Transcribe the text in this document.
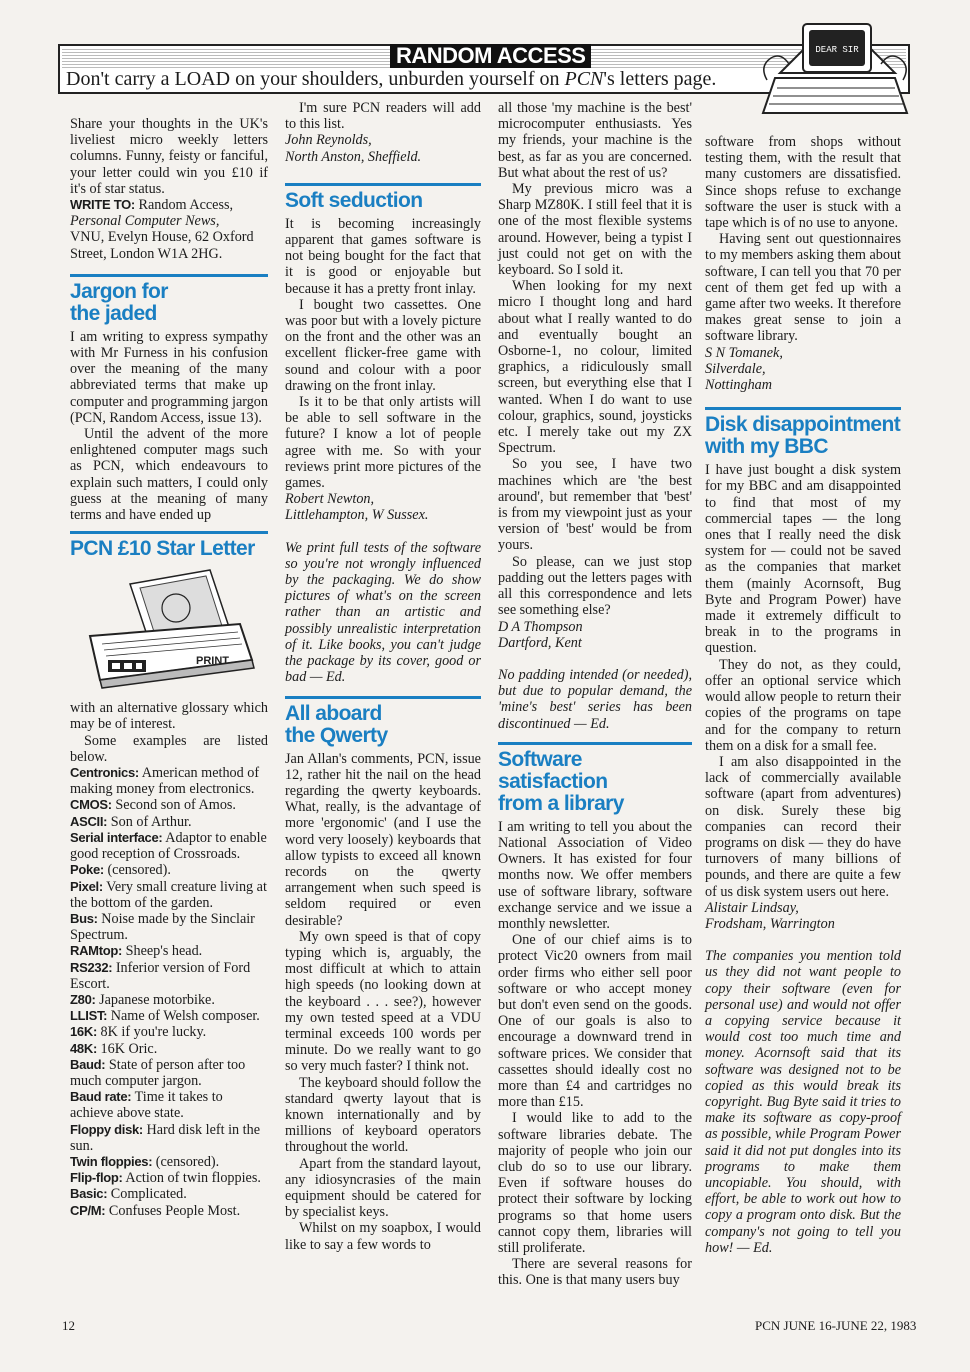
RANDOM ACCESS
Don't carry a LOAD on your shoulders, unburden yourself on PCN's letters page.
DEAR SIR

Share your thoughts in the UK's liveliest micro weekly letters columns. Funny, feisty or fanciful, your letter could win you £10 if it's of star status.

WRITE TO: Random Access,
Personal Computer News,
VNU, Evelyn House, 62 Oxford Street, London W1A 2HG.

Jargon for
the jaded

I am writing to express sympathy with Mr Furness in his confusion over the meaning of the many abbreviated terms that make up computer and programming jargon (PCN, Random Access, issue 13).

Until the advent of the more enlightened computer mags such as PCN, which endeavours to explain such matters, I could only guess at the meaning of many terms and have ended up

PCN £10 Star Letter
PRINT

with an alternative glossary which may be of interest.

Some examples are listed below.

Centronics: American method of making money from electronics.

CMOS: Second son of Amos.

ASCII: Son of Arthur.

Serial interface: Adaptor to enable good reception of Crossroads.

Poke: (censored).

Pixel: Very small creature living at the bottom of the garden.

Bus: Noise made by the Sinclair Spectrum.

RAMtop: Sheep's head.

RS232: Inferior version of Ford Escort.

Z80: Japanese motorbike.

LLIST: Name of Welsh composer.

16K: 8K if you're lucky.

48K: 16K Oric.

Baud: State of person after too much computer jargon.

Baud rate: Time it takes to achieve above state.

Floppy disk: Hard disk left in the sun.

Twin floppies: (censored).

Flip-flop: Action of twin floppies.

Basic: Complicated.

CP/M: Confuses People Most.

I'm sure PCN readers will add to this list.

John Reynolds,

North Anston, Sheffield.

Soft seduction

It is becoming increasingly apparent that games software is not being bought for the fact that it is good or enjoyable but because it has a pretty front inlay.

I bought two cassettes. One was poor but with a lovely picture on the front and the other was an excellent flicker-free game with sound and colour with a poor drawing on the front inlay.

Is it to be that only artists will be able to sell software in the future? I know a lot of people agree with me. So with your reviews print more pictures of the games.

Robert Newton,

Littlehampton, W Sussex.

We print full tests of the software so you're not wrongly influenced by the packaging. We do show pictures of what's on the screen rather than an artistic and possibly unrealistic interpretation of it. Like books, you can't judge the package by its cover, good or bad — Ed.

All aboard
the Qwerty

Jan Allan's comments, PCN, issue 12, rather hit the nail on the head regarding the qwerty keyboards. What, really, is the advantage of more 'ergonomic' (and I use the word very loosely) keyboards that allow typists to exceed all known records on the qwerty arrangement when such speed is seldom required or even desirable?

My own speed is that of copy typing which is, arguably, the most difficult at which to attain high speeds (no looking down at the keyboard . . . see?), however my own tested speed at a VDU terminal exceeds 100 words per minute. Do we really want to go so very much faster? I think not.

The keyboard should follow the standard qwerty layout that is known internationally and by millions of keyboard operators throughout the world.

Apart from the standard layout, any idiosyncrasies of the main equipment should be catered for by specialist keys.

Whilst on my soapbox, I would like to say a few words to

all those 'my machine is the best' microcomputer enthusiasts. Yes my friends, your machine is the best, as far as you are concerned. But what about the rest of us?

My previous micro was a Sharp MZ80K. I still feel that it is one of the most flexible systems around. However, being a typist I just could not get on with the keyboard. So I sold it.

When looking for my next micro I thought long and hard about what I really wanted to do and eventually bought an Osborne-1, no colour, limited graphics, a ridiculously small screen, but everything else that I wanted. When I do want to use colour, graphics, sound, joysticks etc. I merely take out my ZX Spectrum.

So you see, I have two machines which are 'the best around', but remember that 'best' is from my viewpoint just as your version of 'best' would be from yours.

So please, can we just stop padding out the letters pages with all this correspondence and lets see something else?

D A Thompson

Dartford, Kent

No padding intended (or needed), but due to popular demand, the 'mine's best' series has been discontinued — Ed.

Software satisfaction
from a library

I am writing to tell you about the National Association of Video Owners. It has existed for four months now. We offer members use of software library, software exchange service and we issue a monthly newsletter.

One of our chief aims is to protect Vic20 owners from mail order firms who either sell poor software or who accept money but don't even send on the goods. One of our goals is also to encourage a downward trend in software prices. We consider that cassettes should ideally cost no more than £4 and cartridges no more than £15.

I would like to add to the software libraries debate. The majority of people who join our club do so to use our library. Even if software houses do protect their software by locking programs so that home users cannot copy them, libraries will still proliferate.

There are several reasons for this. One is that many users buy

software from shops without testing them, with the result that many customers are dissatisfied. Since shops refuse to exchange software the user is stuck with a tape which is of no use to anyone.

Having sent out questionnaires to my members asking them about software, I can tell you that 70 per cent of them get fed up with a game after two weeks. It therefore makes great sense to join a software library.

S N Tomanek,

Silverdale,

Nottingham

Disk disappointment
with my BBC

I have just bought a disk system for my BBC and am disappointed to find that most of my commercial tapes — the long ones that I really need the disk system for — could not be saved as the companies that market them (mainly Acornsoft, Bug Byte and Program Power) have made it extremely difficult to break in to the programs in question.

They do not, as they could, offer an optional service which would allow people to return their copies of the programs on tape and for the company to return them on a disk for a small fee.

I am also disappointed in the lack of commercially available software (apart from adventures) on disk. Surely these big companies can record their programs on disk — they do have turnovers of many billions of pounds, and there are quite a few of us disk system users out here.

Alistair Lindsay,

Frodsham, Warrington

The companies you mention told us they did not want people to copy their software (even for personal use) and would not offer a copying service because it would cost too much time and money. Acornsoft said that its software was designed not to be copied as this would break its copyright. Bug Byte said it tries to make its software as copy-proof as possible, while Program Power said it did not put dongles into its programs to make them uncopiable. You should, with effort, be able to work out how to copy a program onto disk. But the company's not going to tell you how! — Ed.

12	PCN JUNE 16-JUNE 22, 1983
